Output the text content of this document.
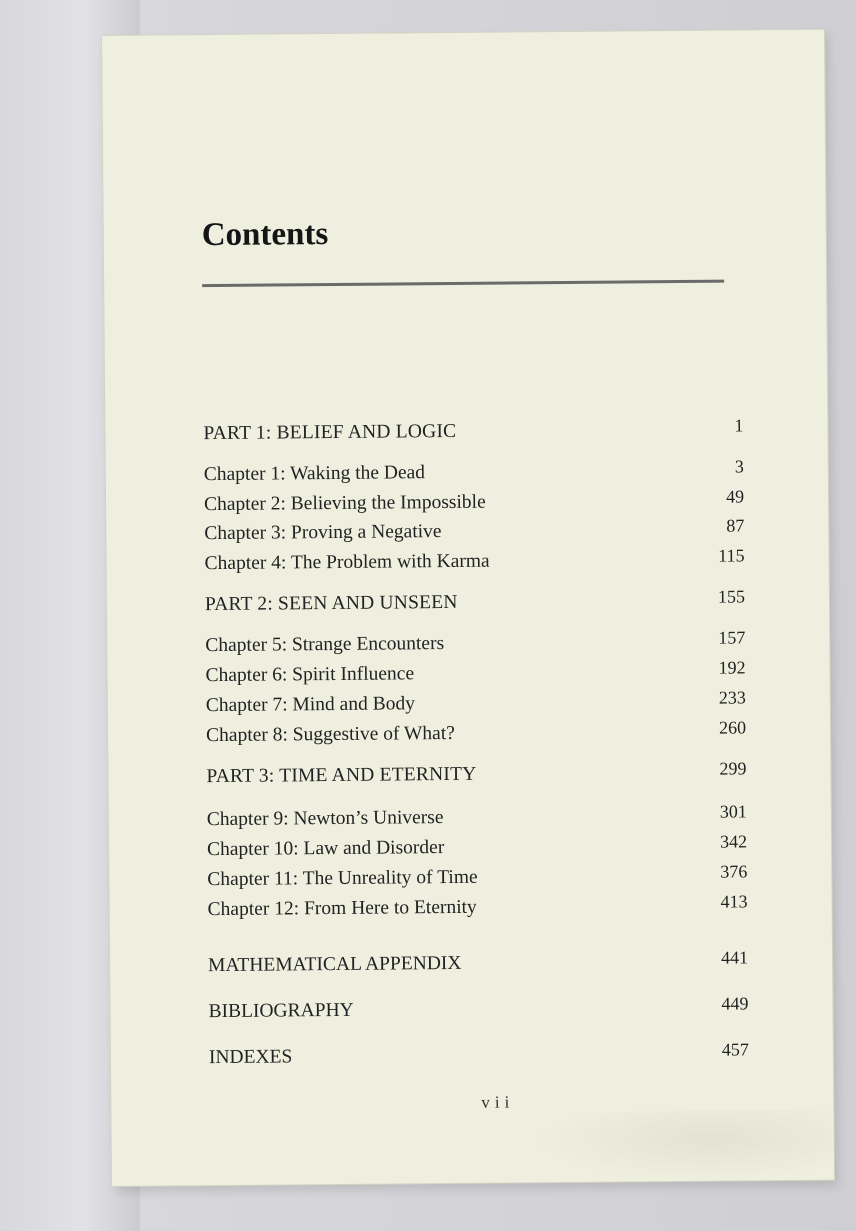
Contents
PART 1: BELIEF AND LOGIC	1
Chapter 1: Waking the Dead	3
Chapter 2: Believing the Impossible	49
Chapter 3: Proving a Negative	87
Chapter 4: The Problem with Karma	115
PART 2: SEEN AND UNSEEN	155
Chapter 5: Strange Encounters	157
Chapter 6: Spirit Influence	192
Chapter 7: Mind and Body	233
Chapter 8: Suggestive of What?	260
PART 3: TIME AND ETERNITY	299
Chapter 9: Newton’s Universe	301
Chapter 10: Law and Disorder	342
Chapter 11: The Unreality of Time	376
Chapter 12: From Here to Eternity	413
MATHEMATICAL APPENDIX	441
BIBLIOGRAPHY	449
INDEXES	457
vii
